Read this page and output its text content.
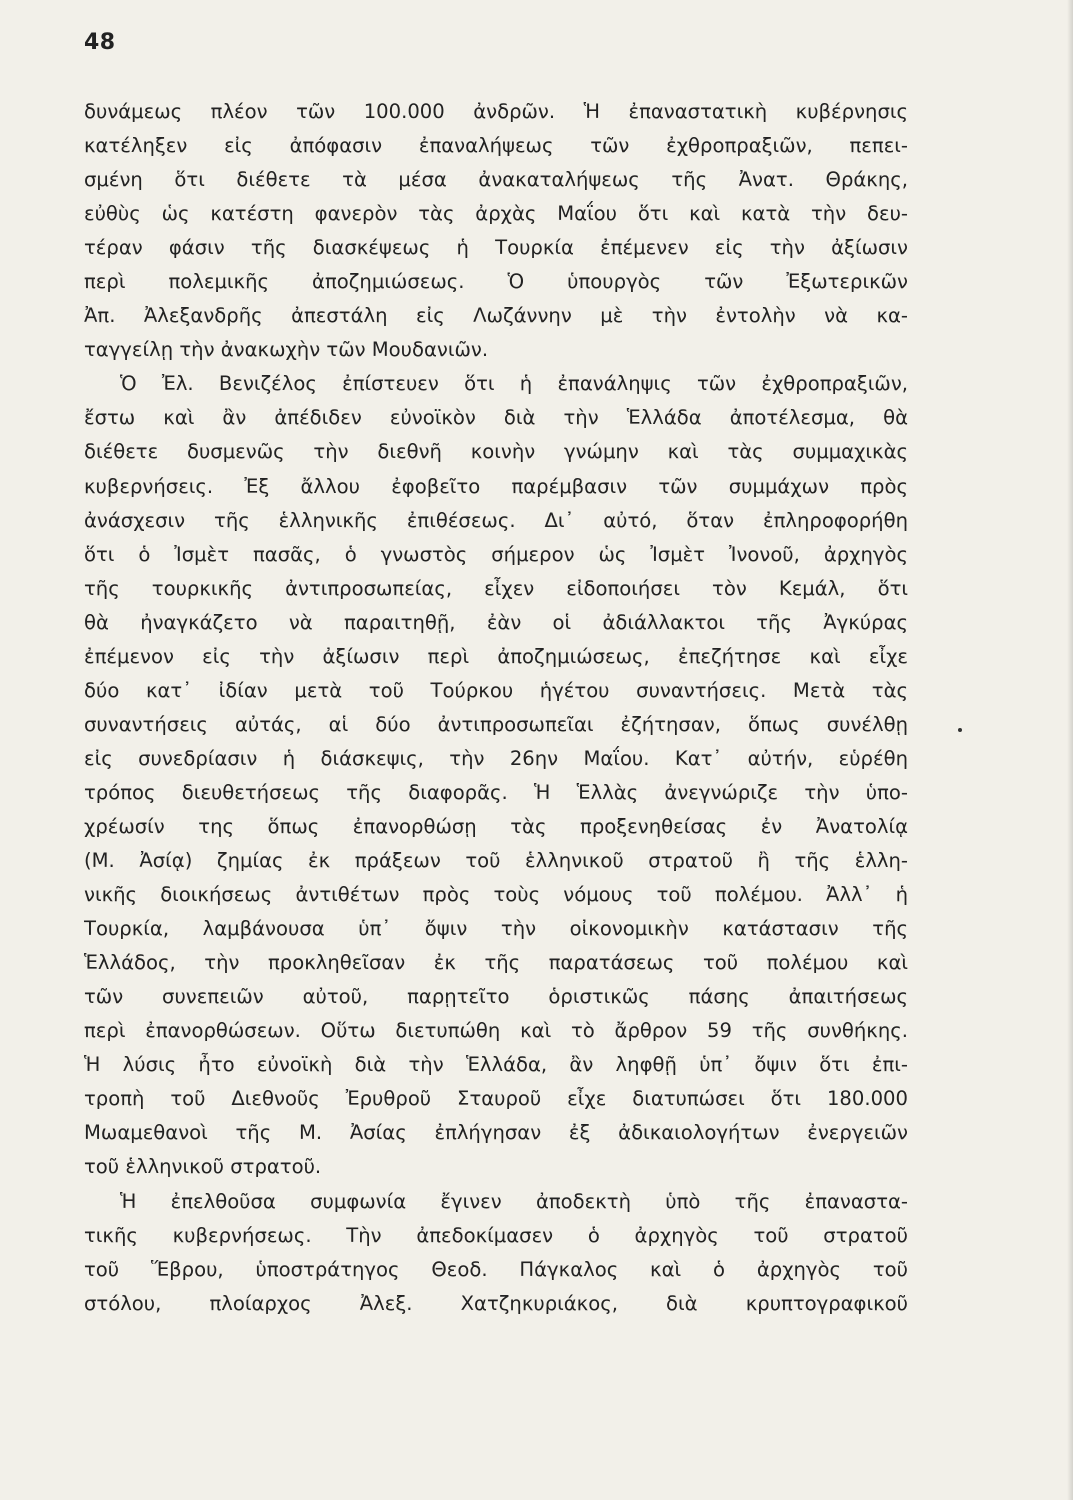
48
δυνάμεως πλέον τῶν 100.000 ἀνδρῶν. Ἡ ἐπαναστατικὴ κυβέρνησις
κατέληξεν εἰς ἀπόφασιν ἐπαναλήψεως τῶν ἐχθροπραξιῶν, πεπει-
σμένη ὅτι διέθετε τὰ μέσα ἀνακαταλήψεως τῆς Ἀνατ. Θράκης,
εὐθὺς ὡς κατέστη φανερὸν τὰς ἀρχὰς Μαΐου ὅτι καὶ κατὰ τὴν δευ-
τέραν φάσιν τῆς διασκέψεως ἡ Τουρκία ἐπέμενεν εἰς τὴν ἀξίωσιν
περὶ πολεμικῆς ἀποζημιώσεως. Ὁ ὑπουργὸς τῶν Ἐξωτερικῶν
Ἀπ. Ἀλεξανδρῆς ἀπεστάλη εἰς Λωζάννην μὲ τὴν ἐντολὴν νὰ κα-
ταγγείλῃ τὴν ἀνακωχὴν τῶν Μουδανιῶν.
Ὁ Ἐλ. Βενιζέλος ἐπίστευεν ὅτι ἡ ἐπανάληψις τῶν ἐχθροπραξιῶν,
ἔστω καὶ ἂν ἀπέδιδεν εὐνοϊκὸν διὰ τὴν Ἑλλάδα ἀποτέλεσμα, θὰ
διέθετε δυσμενῶς τὴν διεθνῆ κοινὴν γνώμην καὶ τὰς συμμαχικὰς
κυβερνήσεις. Ἐξ ἄλλου ἐφοβεῖτο παρέμβασιν τῶν συμμάχων πρὸς
ἀνάσχεσιν τῆς ἑλληνικῆς ἐπιθέσεως. Δι᾿ αὐτό, ὅταν ἐπληροφορήθη
ὅτι ὁ Ἰσμὲτ πασᾶς, ὁ γνωστὸς σήμερον ὡς Ἰσμὲτ Ἰνονοῦ, ἀρχηγὸς
τῆς τουρκικῆς ἀντιπροσωπείας, εἶχεν εἰδοποιήσει τὸν Κεμάλ, ὅτι
θὰ ἠναγκάζετο νὰ παραιτηθῇ, ἐὰν οἱ ἀδιάλλακτοι τῆς Ἀγκύρας
ἐπέμενον εἰς τὴν ἀξίωσιν περὶ ἀποζημιώσεως, ἐπεζήτησε καὶ εἶχε
δύο κατ᾿ ἰδίαν μετὰ τοῦ Τούρκου ἡγέτου συναντήσεις. Μετὰ τὰς
συναντήσεις αὐτάς, αἱ δύο ἀντιπροσωπεῖαι ἐζήτησαν, ὅπως συνέλθῃ
εἰς συνεδρίασιν ἡ διάσκεψις, τὴν 26ην Μαΐου. Κατ᾿ αὐτήν, εὑρέθη
τρόπος διευθετήσεως τῆς διαφορᾶς. Ἡ Ἑλλὰς ἀνεγνώριζε τὴν ὑπο-
χρέωσίν της ὅπως ἐπανορθώσῃ τὰς προξενηθείσας ἐν Ἀνατολίᾳ
(Μ. Ἀσίᾳ) ζημίας ἐκ πράξεων τοῦ ἑλληνικοῦ στρατοῦ ἢ τῆς ἑλλη-
νικῆς διοικήσεως ἀντιθέτων πρὸς τοὺς νόμους τοῦ πολέμου. Ἀλλ᾿ ἡ
Τουρκία, λαμβάνουσα ὑπ᾿ ὄψιν τὴν οἰκονομικὴν κατάστασιν τῆς
Ἑλλάδος, τὴν προκληθεῖσαν ἐκ τῆς παρατάσεως τοῦ πολέμου καὶ
τῶν συνεπειῶν αὐτοῦ, παρῃτεῖτο ὁριστικῶς πάσης ἀπαιτήσεως
περὶ ἐπανορθώσεων. Οὕτω διετυπώθη καὶ τὸ ἄρθρον 59 τῆς συνθήκης.
Ἡ λύσις ἦτο εὐνοϊκὴ διὰ τὴν Ἑλλάδα, ἂν ληφθῇ ὑπ᾿ ὄψιν ὅτι ἐπι-
τροπὴ τοῦ Διεθνοῦς Ἐρυθροῦ Σταυροῦ εἶχε διατυπώσει ὅτι 180.000
Μωαμεθανοὶ τῆς Μ. Ἀσίας ἐπλήγησαν ἐξ ἀδικαιολογήτων ἐνεργειῶν
τοῦ ἑλληνικοῦ στρατοῦ.
Ἡ ἐπελθοῦσα συμφωνία ἔγινεν ἀποδεκτὴ ὑπὸ τῆς ἐπαναστα-
τικῆς κυβερνήσεως. Τὴν ἀπεδοκίμασεν ὁ ἀρχηγὸς τοῦ στρατοῦ
τοῦ Ἕβρου, ὑποστράτηγος Θεοδ. Πάγκαλος καὶ ὁ ἀρχηγὸς τοῦ
στόλου, πλοίαρχος Ἀλεξ. Χατζηκυριάκος, διὰ κρυπτογραφικοῦ
